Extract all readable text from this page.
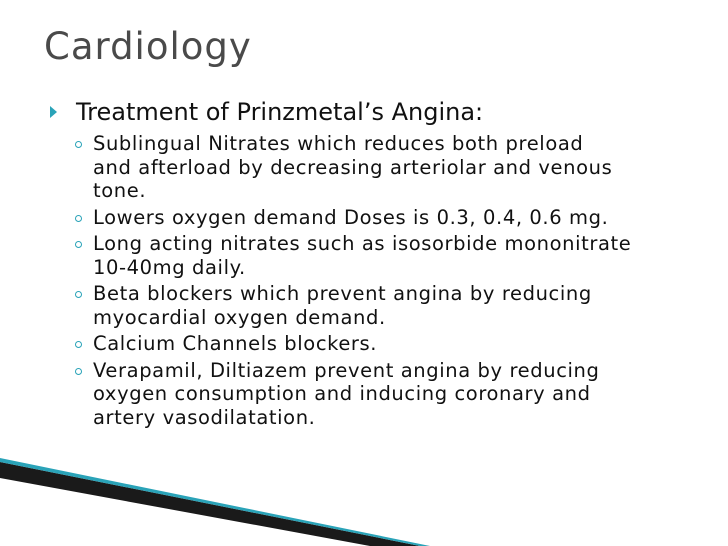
Cardiology
Treatment of Prinzmetal’s Angina:
Sublingual Nitrates which reduces both preload
and afterload by decreasing arteriolar and venous
tone.
Lowers oxygen demand Doses is 0.3, 0.4, 0.6 mg.
Long acting nitrates such as isosorbide mononitrate
10-40mg daily.
Beta blockers which prevent angina by reducing
myocardial oxygen demand.
Calcium Channels blockers.
Verapamil, Diltiazem prevent angina by reducing
oxygen consumption and inducing coronary and
artery vasodilatation.
